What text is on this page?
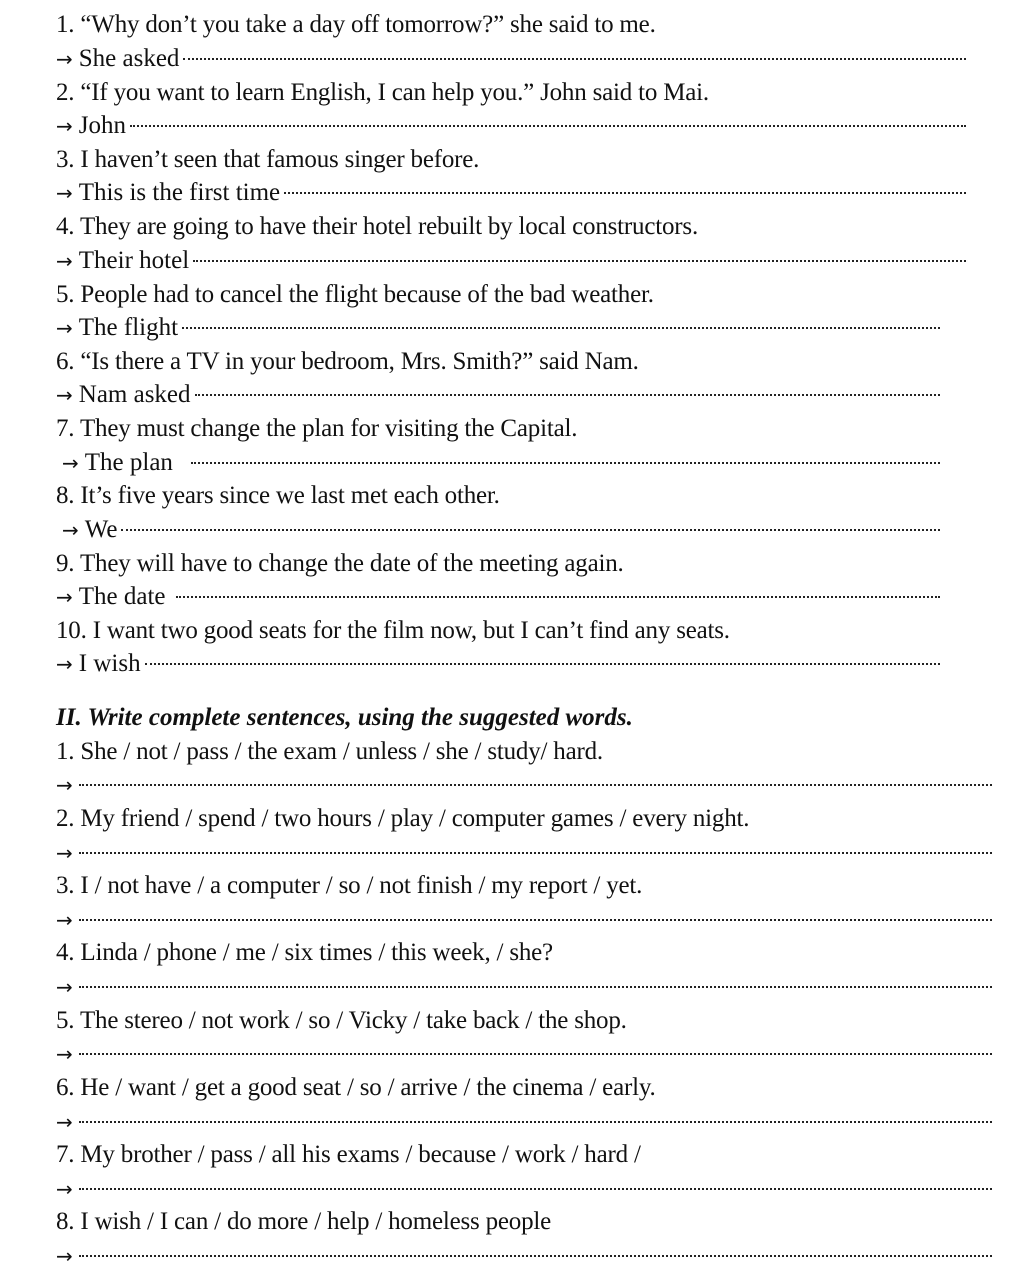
1. “Why don’t you take a day off tomorrow?” she said to me.
→ She asked
2. “If you want to learn English, I can help you.” John said to Mai.
→ John
3. I haven’t seen that famous singer before.
→ This is the first time
4. They are going to have their hotel rebuilt by local constructors.
→ Their hotel
5. People had to cancel the flight because of the bad weather.
→ The flight
6. “Is there a TV in your bedroom, Mrs. Smith?” said Nam.
→ Nam asked
7. They must change the plan for visiting the Capital.
→ The plan
8. It’s five years since we last met each other.
→ We
9. They will have to change the date of the meeting again.
→ The date
10. I want two good seats for the film now, but I can’t find any seats.
→ I wish
II. Write complete sentences, using the suggested words.
1. She / not / pass / the exam / unless / she / study/ hard.
→
2. My friend / spend / two hours / play / computer games / every night.
→
3. I / not have / a computer / so / not finish / my report / yet.
→
4. Linda / phone / me / six times / this week, / she?
→
5. The stereo / not work / so / Vicky / take back / the shop.
→
6. He / want / get a good seat / so / arrive / the cinema / early.
→
7. My brother / pass / all his exams / because / work / hard /
→
8. I wish / I can / do more / help / homeless people
→
